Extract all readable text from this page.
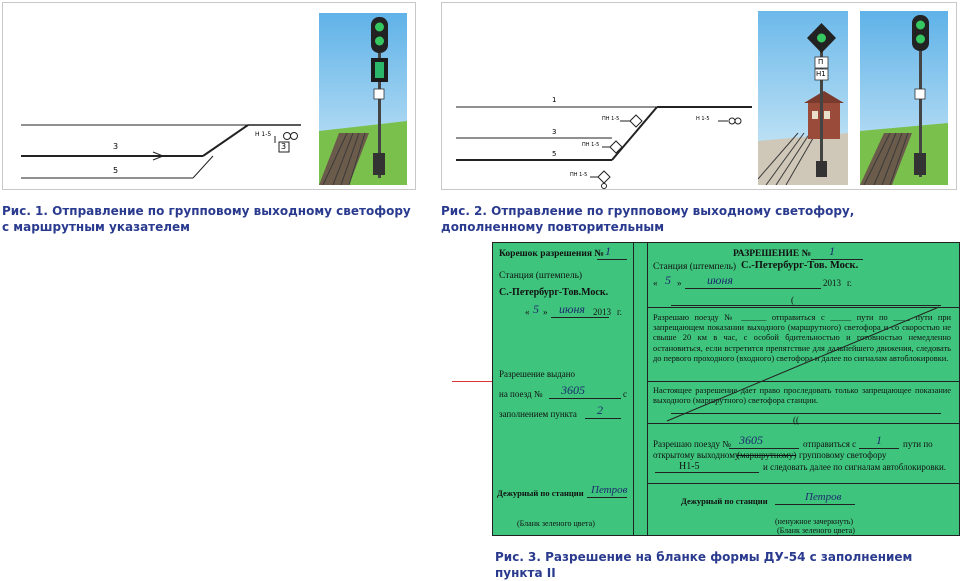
3
5
Н 1-5
3
Рис. 1. Отправление по групповому выходному светофору с маршрутным указателем
1
3
5
ПН 1-5	Н 1-5
ПН 1-5
ПН 1-5
П
Н1
Рис. 2. Отправление по групповому выходному светофору, дополненному повторительным
Корешок разрешения № 1
Станция (штемпель)
С.-Петербург-Тов.Моск.
« 5 » июня 2013 г.
Разрешение выдано
на поезд № 3605	с
заполнением пункта 2
Дежурный по станции Петров
(Бланк зеленого цвета)
РАЗРЕШЕНИЕ № 1
Станция (штемпель) С.-Петербург-Тов. Моск.
« 5 » июня	2013 г.
(
Разрешаю поезду № ______ отправиться с _____ пути по ____ пути при запрещающем показании выходного (маршрутного) светофора и со скоростью не свыше 20 км в час, с особой бдительностью и готовностью немедленно остановиться, если встретится препятствие для дальнейшего движения, следовать до первого проходного (входного) светофора и далее по сигналам автоблокировки.
Настоящее разрешение дает право проследовать только запрещающее показание выходного (маршрутного) светофора станции.
((
Разрешаю поезду № 3605	отправиться с 1 пути по
открытому выходному
(маршрутному) групповому светофору
Н1-5	и следовать далее по сигналам автоблокировки.
Дежурный по станции	Петров
(ненужное зачеркнуть)
(Бланк зеленого цвета)
Рис. 3. Разрешение на бланке формы ДУ-54 с заполнением пункта II
